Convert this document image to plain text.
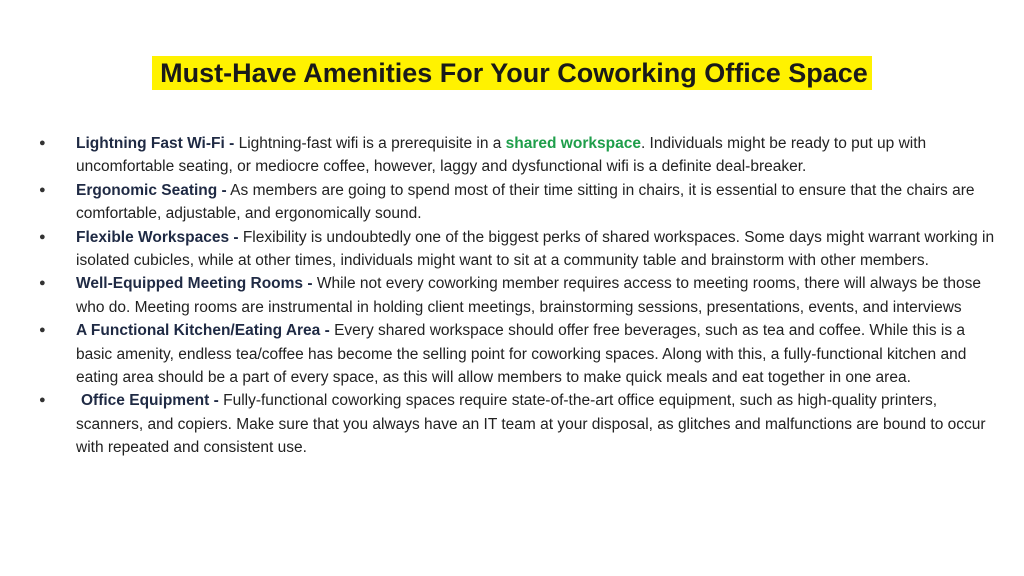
Must-Have Amenities For Your Coworking Office Space
● Lightning Fast Wi-Fi - Lightning-fast wifi is a prerequisite in a shared workspace. Individuals might be ready to put up with uncomfortable seating, or mediocre coffee, however, laggy and dysfunctional wifi is a definite deal-breaker.
● Ergonomic Seating - As members are going to spend most of their time sitting in chairs, it is essential to ensure that the chairs are comfortable, adjustable, and ergonomically sound.
● Flexible Workspaces - Flexibility is undoubtedly one of the biggest perks of shared workspaces. Some days might warrant working in isolated cubicles, while at other times, individuals might want to sit at a community table and brainstorm with other members.
● Well-Equipped Meeting Rooms - While not every coworking member requires access to meeting rooms, there will always be those who do. Meeting rooms are instrumental in holding client meetings, brainstorming sessions, presentations, events, and interviews
● A Functional Kitchen/Eating Area - Every shared workspace should offer free beverages, such as tea and coffee. While this is a basic amenity, endless tea/coffee has become the selling point for coworking spaces. Along with this, a fully-functional kitchen and eating area should be a part of every space, as this will allow members to make quick meals and eat together in one area.
● Office Equipment - Fully-functional coworking spaces require state-of-the-art office equipment, such as high-quality printers, scanners, and copiers. Make sure that you always have an IT team at your disposal, as glitches and malfunctions are bound to occur with repeated and consistent use.
